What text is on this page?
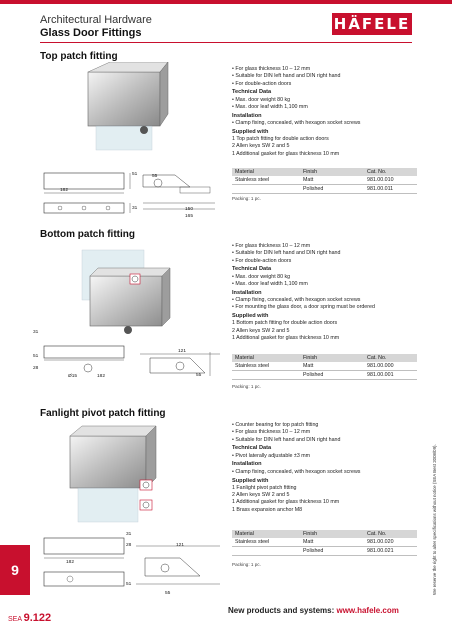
Architectural Hardware
Glass Door Fittings	HÄFELE
Top patch fitting
182
51
31
55
150
165
• For glass thickness 10 – 12 mm
• Suitable for DIN left hand and DIN right hand
• For double-action doors
Technical Data
• Max. door weight 80 kg
• Max. door leaf width 1,100 mm
Installation
• Clamp fixing, concealed, with hexagon socket screws
Supplied with
1 Top patch fitting for double action doors
2 Allen keys SW 2 and 5
1 Additional gasket for glass thickness 10 mm
Material	Finish	Cat. No.
Stainless steel	Matt	981.00.010
	Polished	981.00.011
Packing: 1 pc.
Bottom patch fitting
31
51
28
Ø15	182
121
55
• For glass thickness 10 – 12 mm
• Suitable for DIN left hand and DIN right hand
• For double-action doors
Technical Data
• Max. door weight 80 kg
• Max. door leaf width 1,100 mm
Installation
• Clamp fixing, concealed, with hexagon socket screws
• For mounting the glass door, a door spring must be ordered
Supplied with
1 Bottom patch fitting for double action doors
2 Allen keys SW 2 and 5
1 Additional gasket for glass thickness 10 mm
Material	Finish	Cat. No.
Stainless steel	Matt	981.00.000
	Polished	981.00.001
Packing: 1 pc.
Fanlight pivot patch fitting
31
28
182
51
121
55
• Counter bearing for top patch fitting
• For glass thickness 10 – 12 mm
• Suitable for DIN left hand and DIN right hand
Technical Data
• Pivot laterally adjustable ±3 mm
Installation
• Clamp fixing, concealed, with hexagon socket screws
Supplied with
1 Fanlight pivot patch fitting
2 Allen keys SW 2 and 5
1 Additional gasket for glass thickness 10 mm
1 Brass expansion anchor M8
Material	Finish	Cat. No.
Stainless steel	Matt	981.00.020
	Polished	981.00.021
Packing: 1 pc.
9
SEA 9.122
New products and systems: www.hafele.com
We reserve the right to alter specifications without notice (SEA Best 2008/09).
